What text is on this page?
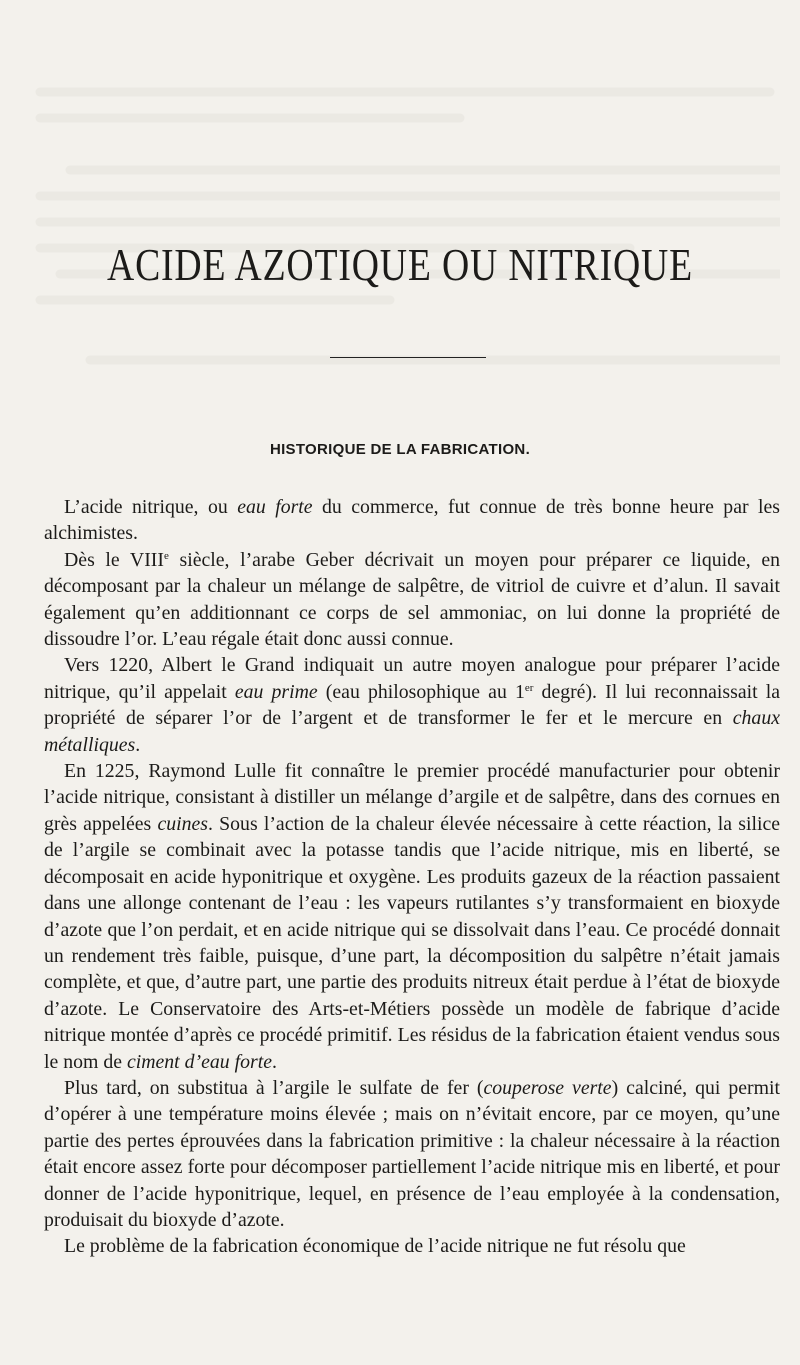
ACIDE AZOTIQUE OU NITRIQUE
HISTORIQUE DE LA FABRICATION.

L’acide nitrique, ou eau forte du commerce, fut connue de très bonne heure par les alchimistes.

Dès le VIIIe siècle, l’arabe Geber décrivait un moyen pour préparer ce liquide, en décomposant par la chaleur un mélange de salpêtre, de vitriol de cuivre et d’alun. Il savait également qu’en additionnant ce corps de sel ammoniac, on lui donne la propriété de dissoudre l’or. L’eau régale était donc aussi connue.

Vers 1220, Albert le Grand indiquait un autre moyen analogue pour préparer l’acide nitrique, qu’il appelait eau prime (eau philosophique au 1er degré). Il lui reconnaissait la propriété de séparer l’or de l’argent et de transformer le fer et le mercure en chaux métalliques.

En 1225, Raymond Lulle fit connaître le premier procédé manufacturier pour obtenir l’acide nitrique, consistant à distiller un mélange d’argile et de salpêtre, dans des cornues en grès appelées cuines. Sous l’action de la chaleur élevée nécessaire à cette réaction, la silice de l’argile se combinait avec la potasse tandis que l’acide nitrique, mis en liberté, se décomposait en acide hyponitrique et oxygène. Les produits gazeux de la réaction passaient dans une allonge contenant de l’eau : les vapeurs rutilantes s’y transformaient en bioxyde d’azote que l’on perdait, et en acide nitrique qui se dissolvait dans l’eau. Ce procédé donnait un rendement très faible, puisque, d’une part, la décomposition du salpêtre n’était jamais complète, et que, d’autre part, une partie des produits nitreux était perdue à l’état de bioxyde d’azote. Le Conservatoire des Arts-et-Métiers possède un modèle de fabrique d’acide nitrique montée d’après ce procédé primitif. Les résidus de la fabrication étaient vendus sous le nom de ciment d’eau forte.

Plus tard, on substitua à l’argile le sulfate de fer (couperose verte) calciné, qui permit d’opérer à une température moins élevée ; mais on n’évitait encore, par ce moyen, qu’une partie des pertes éprouvées dans la fabrication primitive : la chaleur nécessaire à la réaction était encore assez forte pour décomposer partiellement l’acide nitrique mis en liberté, et pour donner de l’acide hyponitrique, lequel, en présence de l’eau employée à la condensation, produisait du bioxyde d’azote.

Le problème de la fabrication économique de l’acide nitrique ne fut résolu que
